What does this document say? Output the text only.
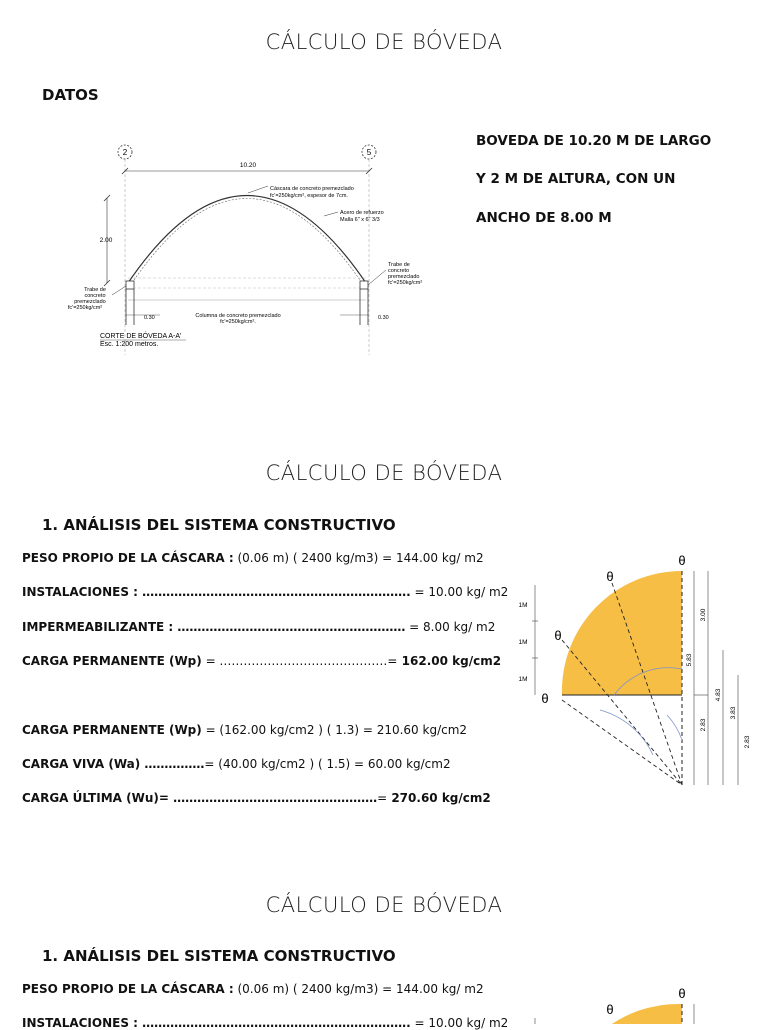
CÁLCULO DE BÓVEDA
DATOS
2	5
10.20
2.00
Cáscara de concreto premezclado
fc'=250kg/cm², espesor de 7cm.
Acero de refuerzo
Malla 6" x 6" 3/3
Trabe de
concreto
premezclado
fc'=250kg/cm²
Trabe de
concreto
premezclado
fc'=250kg/cm²
0.30	0.30
Columna de concreto premezclado
fc'=250kg/cm².
CORTE DE BÓVEDA A-A'
Esc. 1:200 metros.
BOVEDA DE 10.20 M DE LARGO
Y 2 M DE ALTURA, CON UN
ANCHO DE 8.00 M
CÁLCULO DE BÓVEDA
1. ANÁLISIS DEL SISTEMA CONSTRUCTIVO
PESO PROPIO DE LA CÁSCARA : (0.06 m) ( 2400 kg/m3) = 144.00 kg/ m2
INSTALACIONES : …………………………………………………………. = 10.00 kg/ m2
IMPERMEABILIZANTE : ………………………………………………… = 8.00 kg/ m2
CARGA PERMANENTE (Wp) = ……………………………………= 162.00 kg/cm2
CARGA PERMANENTE (Wp) = (162.00 kg/cm2 ) ( 1.3) = 210.60 kg/cm2
CARGA VIVA (Wa) ……………= (40.00 kg/cm2 ) ( 1.5) = 60.00 kg/cm2
CARGA ÚLTIMA (Wu)= ……………………………………………= 270.60 kg/cm2
θ
θ
θ
θ
1M
1M
1M
3.00
5.83
2.83
4.83
3.83
2.83
CÁLCULO DE BÓVEDA
1. ANÁLISIS DEL SISTEMA CONSTRUCTIVO
PESO PROPIO DE LA CÁSCARA : (0.06 m) ( 2400 kg/m3) = 144.00 kg/ m2
INSTALACIONES : …………………………………………………………. = 10.00 kg/ m2
θ
θ
